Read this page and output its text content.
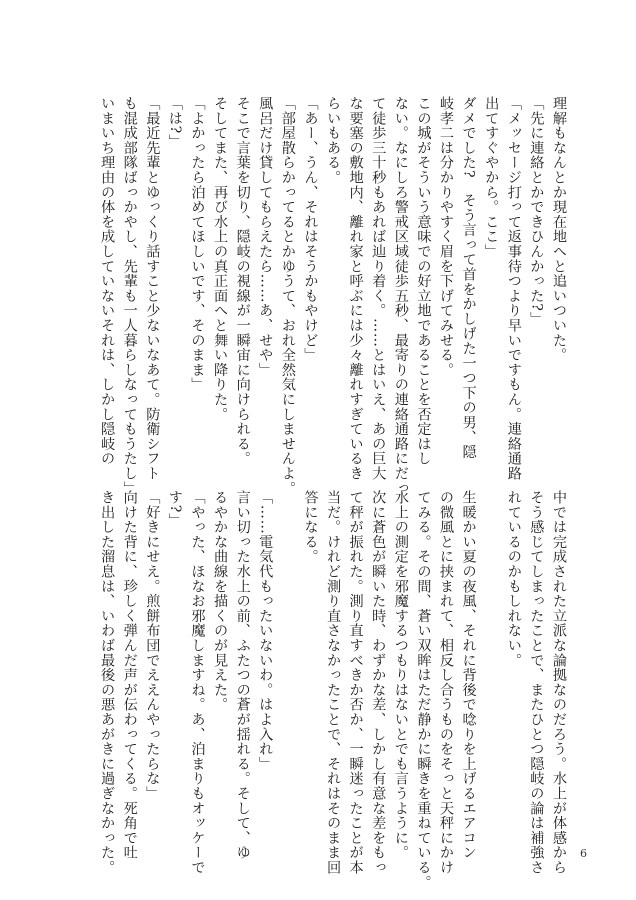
理解もなんとか現在地へと追いついた。
「先に連絡とかできひんかった?」
「メッセージ打って返事待つより早いですもん。連絡通路
出てすぐやから。ここ」
ダメでした?　そう言って首をかしげた一つ下の男、隠
岐孝二は分かりやすく眉を下げてみせる。
この城がそういう意味での好立地であることを否定はし
ない。なにしろ警戒区域徒歩五秒、最寄りの連絡通路にだっ
て徒歩三十秒もあれば辿り着く。……とはいえ、あの巨大
な要塞の敷地内、離れ家と呼ぶには少々離れすぎているき
らいもある。
「あー、うん、それはそうかもやけど」
「部屋散らかってるとかゆうて、おれ全然気にしませんよ。
風呂だけ貸してもらえたら……あ、せや」
そこで言葉を切り、隠岐の視線が一瞬宙に向けられる。
そしてまた、再び水上の真正面へと舞い降りた。
「よかったら泊めてほしいです、そのまま」
「は?」
「最近先輩とゆっくり話すこと少ないなあて。防衛シフト
も混成部隊ばっかやし、先輩も一人暮らしなってもうたし」
いまいち理由の体を成していないそれは、しかし隠岐の
中では完成された立派な論拠なのだろう。水上が体感から
そう感じてしまったことで、またひとつ隠岐の論は補強さ
れているのかもしれない。

生暖かい夏の夜風、それに背後で唸りを上げるエアコン
の微風とに挟まれて、相反し合うものをそっと天秤にかけ
てみる。その間、蒼い双眸はただ静かに瞬きを重ねている。
水上の測定を邪魔するつもりはないとでも言うように。
次に蒼色が瞬いた時、わずかな差、しかし有意な差をもっ
て秤が振れた。測り直すべきか否か、一瞬迷ったことが本
当だ。けれど測り直さなかったことで、それはそのまま回
答になる。

「……電気代もったいないわ。はよ入れ」
言い切った水上の前、ふたつの蒼が揺れる。そして、ゆ
るやかな曲線を描くのが見えた。
「やった、ほなお邪魔しますね。あ、泊まりもオッケーで
す?」
「好きにせえ。煎餅布団でええんやったらな」
向けた背に、珍しく弾んだ声が伝わってくる。死角で吐
き出した溜息は、いわば最後の悪あがきに過ぎなかった。	6
